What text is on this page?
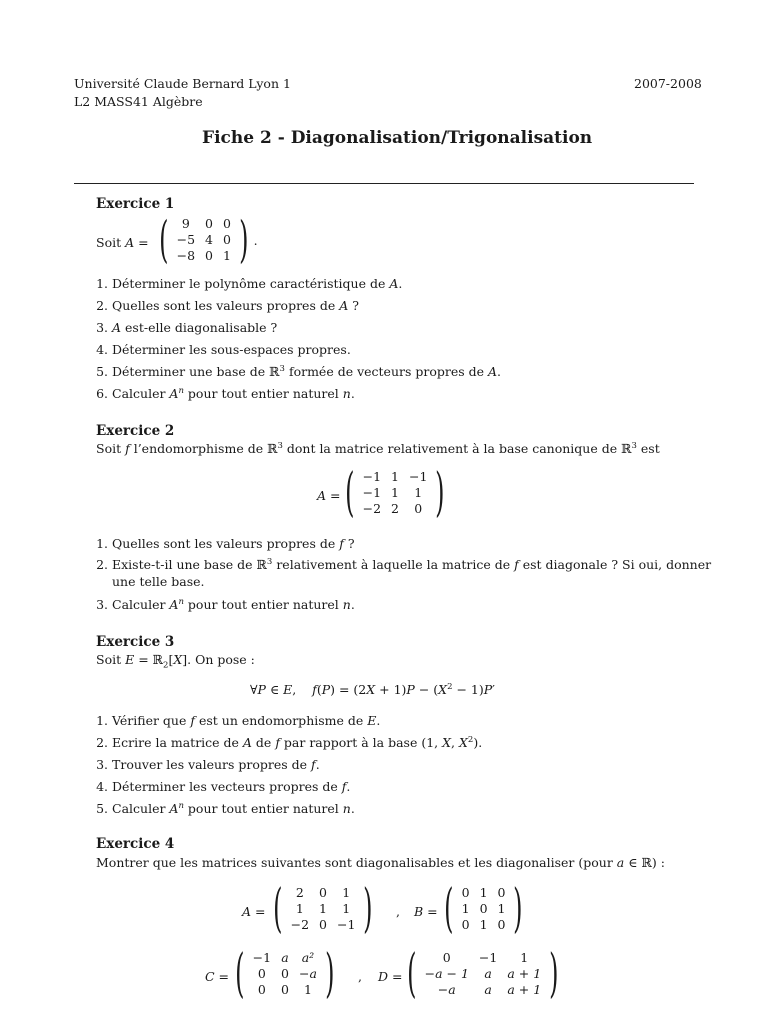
Université Claude Bernard Lyon 1
L2 MASS41 Algèbre
2007-2008
Fiche 2 - Diagonalisation/Trigonalisation
Exercice 1
Soit A = ( 9	0	0
−5	4	0
−8	0	1 ) .
1. Déterminer le polynôme caractéristique de A.
2. Quelles sont les valeurs propres de A ?
3. A est-elle diagonalisable ?
4. Déterminer les sous-espaces propres.
5. Déterminer une base de ℝ$^3$ formée de vecteurs propres de A.
6. Calculer $A^n$ pour tout entier naturel n.
Exercice 2
Soit f l’endomorphisme de ℝ$^3$ dont la matrice relativement à la base canonique de ℝ$^3$ est
A = ( −1	1	−1
−1	1	1
−2	2	0 )
1. Quelles sont les valeurs propres de f ?
2. Existe-t-il une base de ℝ$^3$ relativement à laquelle la matrice de f est diagonale ? Si oui, donner
une telle base.
3. Calculer $A^n$ pour tout entier naturel n.
Exercice 3
Soit E = ℝ$_2$[X]. On pose :
∀P ∈ E,    $f(P) = (2X + 1)P - (X^2 - 1)P'$
1. Vérifier que f est un endomorphisme de E.
2. Ecrire la matrice de A de f par rapport à la base (1, X, $X^2$).
3. Trouver les valeurs propres de f.
4. Déterminer les vecteurs propres de f.
5. Calculer $A^n$ pour tout entier naturel n.
Exercice 4
Montrer que les matrices suivantes sont diagonalisables et les diagonaliser (pour a ∈ ℝ) :
A = ( 2	0	1
1	1	1
−2	0	−1 ) , B = ( 0	1	0
1	0	1
0	1	0 )
C = ( −1	a	a²
0	0	−a
0	0	1 ) , D = ( 0	−1	1
−a − 1	a	a + 1
−a	a	a + 1 )
